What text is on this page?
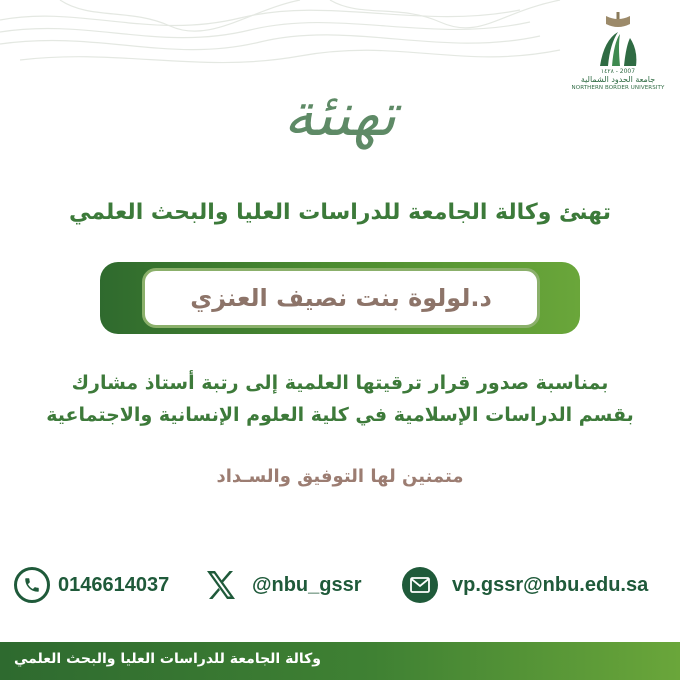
١٤٢٨ - 2007
جامعة الحدود الشمالية
NORTHERN BORDER UNIVERSITY
تهنئة
تهنئ وكالة الجامعة للدراسات العليا والبحث العلمي
د.لولوة بنت نصيف العنزي
بمناسبة صدور قرار ترقيتها العلمية إلى رتبة أستاذ مشارك
بقسم الدراسات الإسلامية في كلية العلوم الإنسانية والاجتماعية
متمنين لها التوفيق والسـداد
0146614037	@nbu_gssr	vp.gssr@nbu.edu.sa
وكالة الجامعة للدراسات العليا والبحث العلمي
